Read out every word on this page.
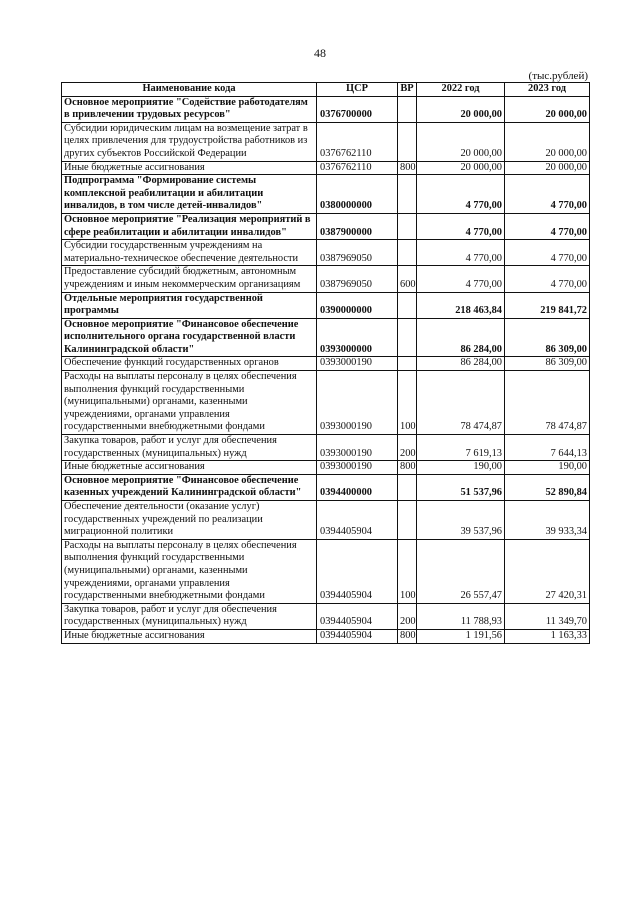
48
(тыс.рублей)
Наименование кода	ЦСР	ВР	2022 год	2023 год
Основное мероприятие "Содействие работодателям в привлечении трудовых ресурсов"	0376700000		20 000,00	20 000,00
Субсидии юридическим лицам на возмещение затрат в целях привлечения для трудоустройства работников из других субъектов Российской Федерации	0376762110		20 000,00	20 000,00
Иные бюджетные ассигнования	0376762110	800	20 000,00	20 000,00
Подпрограмма "Формирование системы комплексной реабилитации и абилитации инвалидов, в том числе детей-инвалидов"	0380000000		4 770,00	4 770,00
Основное мероприятие "Реализация мероприятий в сфере реабилитации и абилитации инвалидов"	0387900000		4 770,00	4 770,00
Субсидии государственным учреждениям на материально-техническое обеспечение деятельности	0387969050		4 770,00	4 770,00
Предоставление субсидий бюджетным, автономным учреждениям и иным некоммерческим организациям	0387969050	600	4 770,00	4 770,00
Отдельные мероприятия государственной программы	0390000000		218 463,84	219 841,72
Основное мероприятие "Финансовое обеспечение исполнительного органа государственной власти Калининградской области"	0393000000		86 284,00	86 309,00
Обеспечение функций государственных органов	0393000190		86 284,00	86 309,00
Расходы на выплаты персоналу в целях обеспечения выполнения функций государственными (муниципальными) органами, казенными учреждениями, органами управления государственными внебюджетными фондами	0393000190	100	78 474,87	78 474,87
Закупка товаров, работ и услуг для обеспечения государственных (муниципальных) нужд	0393000190	200	7 619,13	7 644,13
Иные бюджетные ассигнования	0393000190	800	190,00	190,00
Основное мероприятие "Финансовое обеспечение казенных учреждений Калининградской области"	0394400000		51 537,96	52 890,84
Обеспечение деятельности (оказание услуг) государственных учреждений по реализации миграционной политики	0394405904		39 537,96	39 933,34
Расходы на выплаты персоналу в целях обеспечения выполнения функций государственными (муниципальными) органами, казенными учреждениями, органами управления государственными внебюджетными фондами	0394405904	100	26 557,47	27 420,31
Закупка товаров, работ и услуг для обеспечения государственных (муниципальных) нужд	0394405904	200	11 788,93	11 349,70
Иные бюджетные ассигнования	0394405904	800	1 191,56	1 163,33
